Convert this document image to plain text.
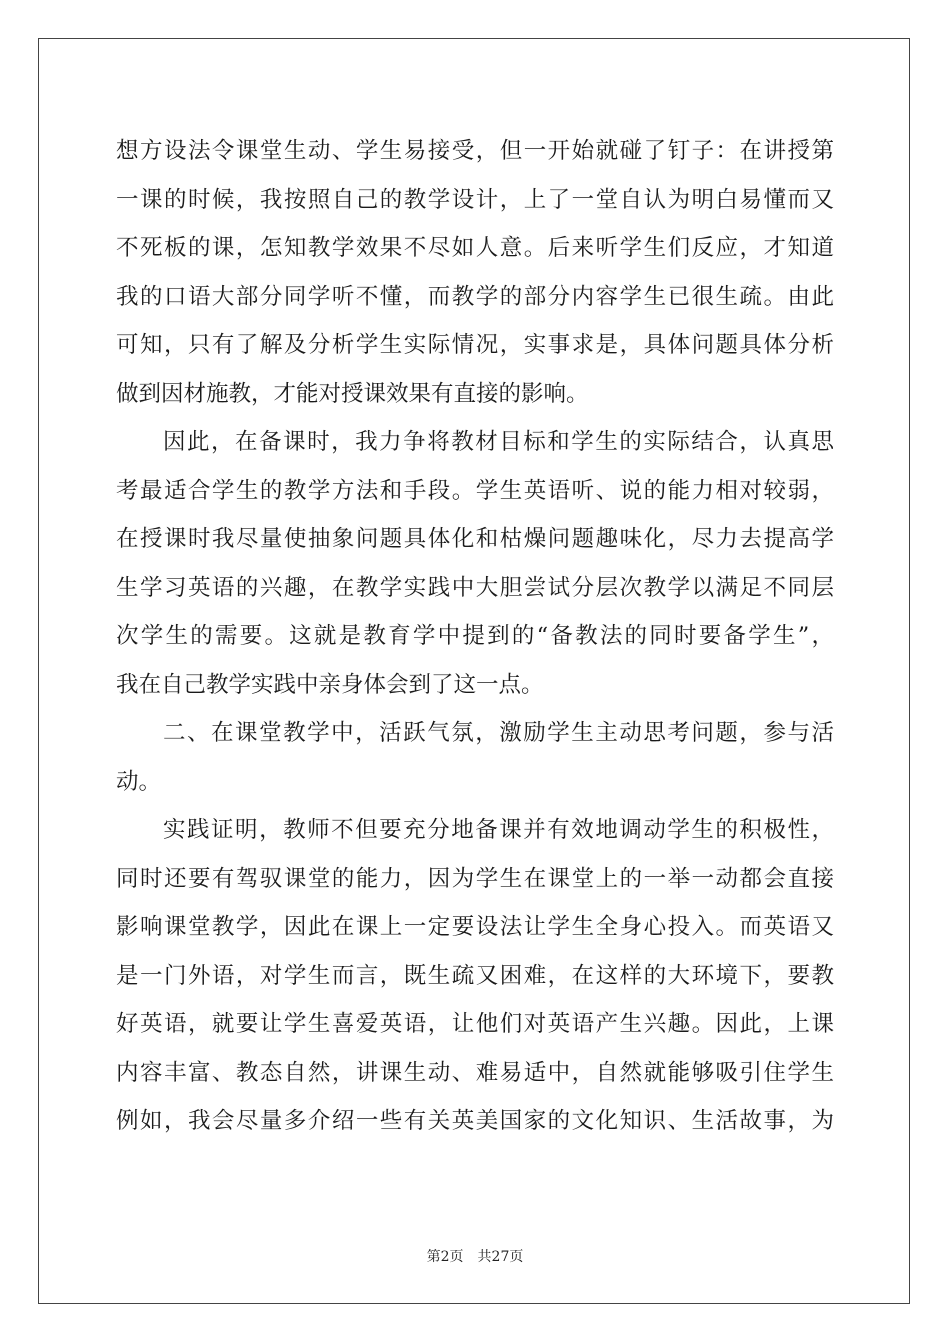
想方设法令课堂生动、学生易接受，但一开始就碰了钉子：在讲授第
一课的时候，我按照自己的教学设计，上了一堂自认为明白易懂而又
不死板的课，怎知教学效果不尽如人意。后来听学生们反应，才知道
我的口语大部分同学听不懂，而教学的部分内容学生已很生疏。由此
可知，只有了解及分析学生实际情况，实事求是，具体问题具体分析
做到因材施教，才能对授课效果有直接的影响。
因此，在备课时，我力争将教材目标和学生的实际结合，认真思
考最适合学生的教学方法和手段。学生英语听、说的能力相对较弱，
在授课时我尽量使抽象问题具体化和枯燥问题趣味化，尽力去提高学
生学习英语的兴趣，在教学实践中大胆尝试分层次教学以满足不同层
次学生的需要。这就是教育学中提到的“备教法的同时要备学生”，
我在自己教学实践中亲身体会到了这一点。
二、在课堂教学中，活跃气氛，激励学生主动思考问题，参与活
动。
实践证明，教师不但要充分地备课并有效地调动学生的积极性，
同时还要有驾驭课堂的能力，因为学生在课堂上的一举一动都会直接
影响课堂教学，因此在课上一定要设法让学生全身心投入。而英语又
是一门外语，对学生而言，既生疏又困难，在这样的大环境下，要教
好英语，就要让学生喜爱英语，让他们对英语产生兴趣。因此，上课
内容丰富、教态自然，讲课生动、难易适中，自然就能够吸引住学生
例如，我会尽量多介绍一些有关英美国家的文化知识、生活故事，为
第2页 共27页
